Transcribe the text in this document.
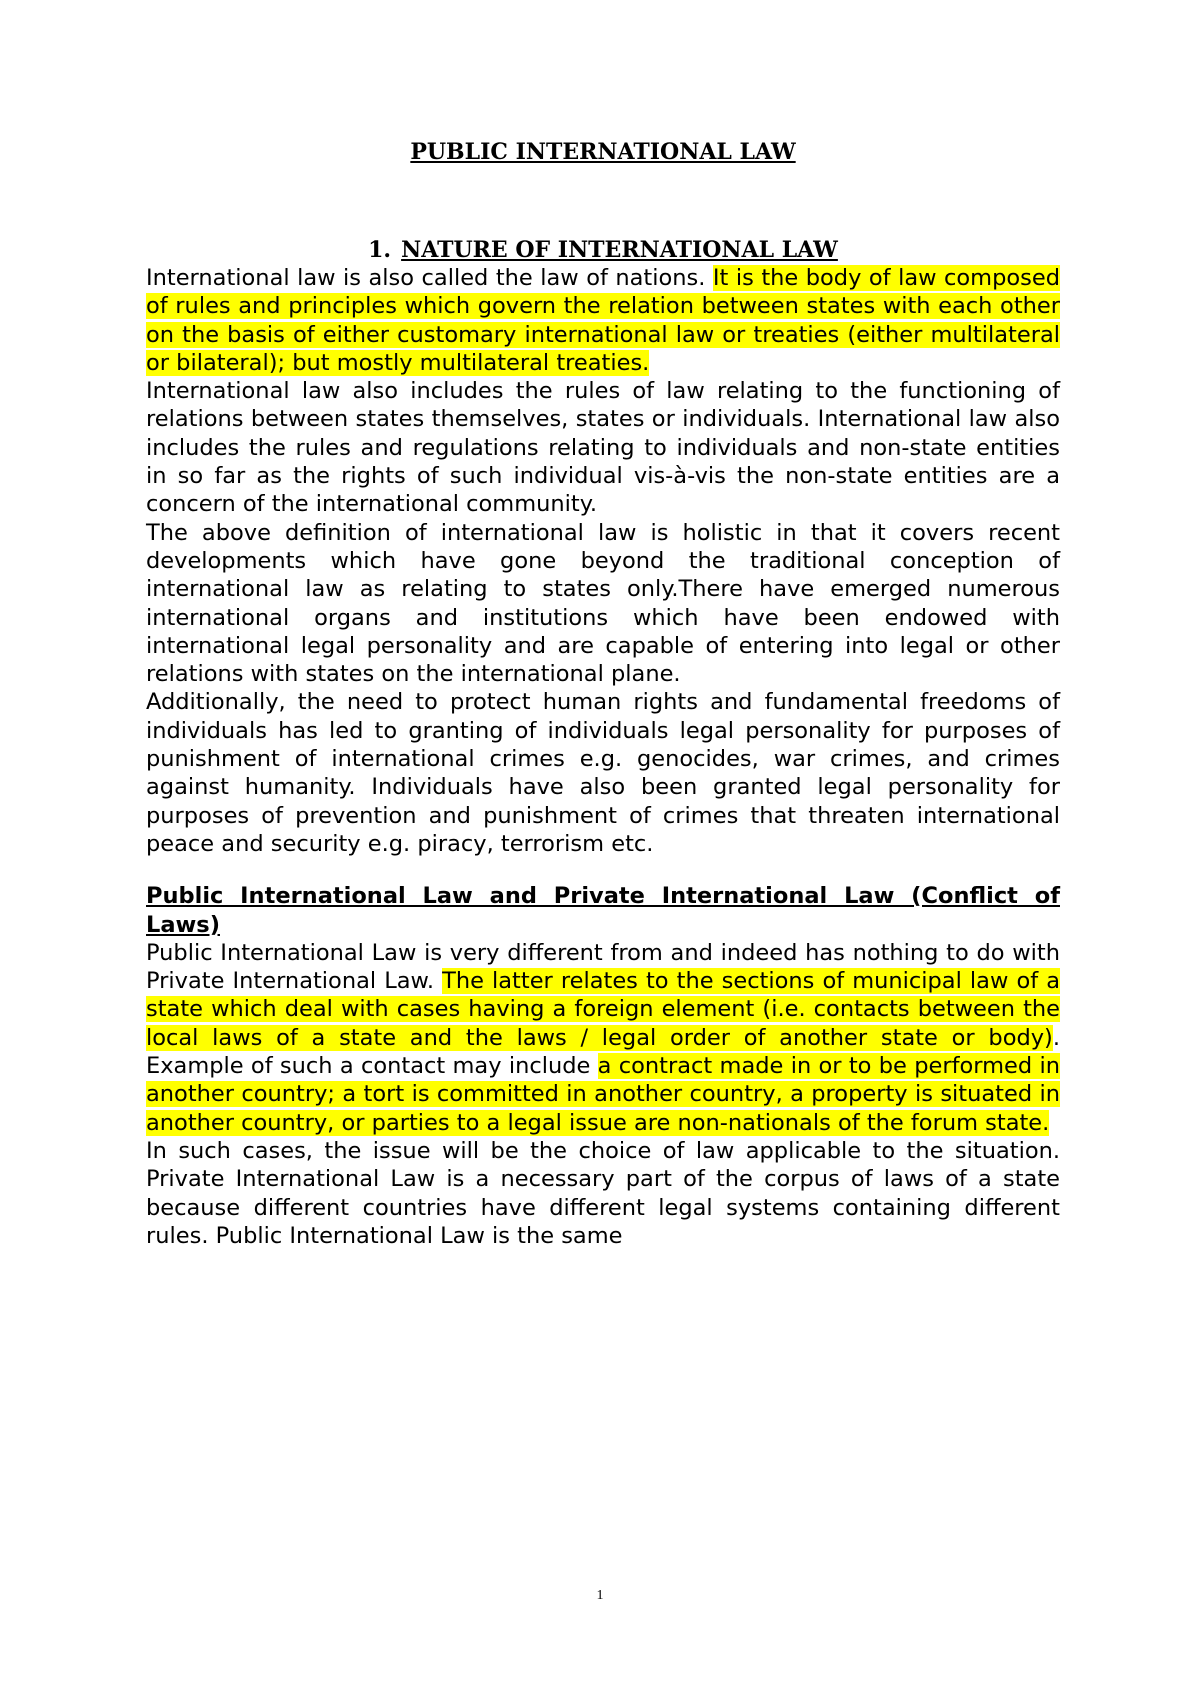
PUBLIC INTERNATIONAL LAW
1. NATURE OF INTERNATIONAL LAW

International law is also called the law of nations. It is the body of law composed of rules and principles which govern the relation between states with each other on the basis of either customary international law or treaties (either multilateral or bilateral); but mostly multilateral treaties.

International law also includes the rules of law relating to the functioning of relations between states themselves, states or individuals. International law also includes the rules and regulations relating to individuals and non-state entities in so far as the rights of such individual vis-à-vis the non-state entities are a concern of the international community.

The above definition of international law is holistic in that it covers recent developments which have gone beyond the traditional conception of international law as relating to states only.There have emerged numerous international organs and institutions which have been endowed with international legal personality and are capable of entering into legal or other relations with states on the international plane.

Additionally, the need to protect human rights and fundamental freedoms of individuals has led to granting of individuals legal personality for purposes of punishment of international crimes e.g. genocides, war crimes, and crimes against humanity. Individuals have also been granted legal personality for purposes of prevention and punishment of crimes that threaten international peace and security e.g. piracy, terrorism etc.

Public International Law and Private International Law (Conflict of Laws)

Public International Law is very different from and indeed has nothing to do with Private International Law. The latter relates to the sections of municipal law of a state which deal with cases having a foreign element (i.e. contacts between the local laws of a state and the laws / legal order of another state or body). Example of such a contact may include a contract made in or to be performed in another country; a tort is committed in another country, a property is situated in another country, or parties to a legal issue are non-nationals of the forum state.

In such cases, the issue will be the choice of law applicable to the situation. Private International Law is a necessary part of the corpus of laws of a state because different countries have different legal systems containing different rules. Public International Law is the same

1
